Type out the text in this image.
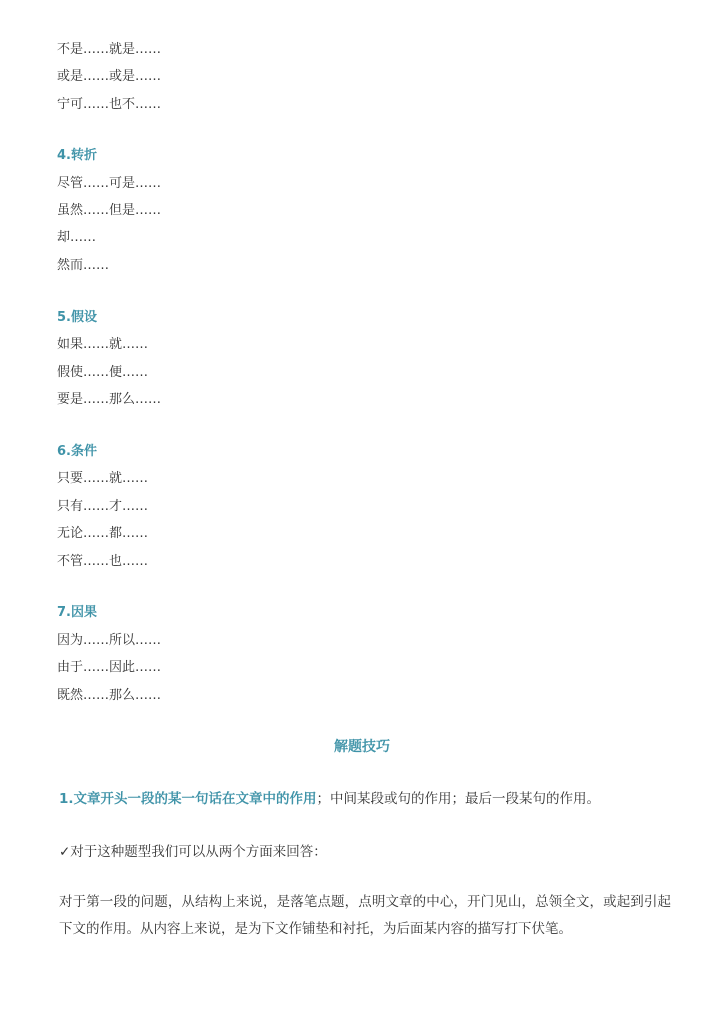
不是……就是……
或是……或是……
宁可……也不……
4.转折
尽管……可是……
虽然……但是……
却……
然而……
5.假设
如果……就……
假使……便……
要是……那么……
6.条件
只要……就……
只有……才……
无论……都……
不管……也……
7.因果
因为……所以……
由于……因此……
既然……那么……
解题技巧
1.文章开头一段的某一句话在文章中的作用；中间某段或句的作用；最后一段某句的作用。
✓对于这种题型我们可以从两个方面来回答：
对于第一段的问题，从结构上来说，是落笔点题，点明文章的中心，开门见山，总领全文，或起到引起下文的作用。从内容上来说，是为下文作铺垫和衬托，为后面某内容的描写打下伏笔。
